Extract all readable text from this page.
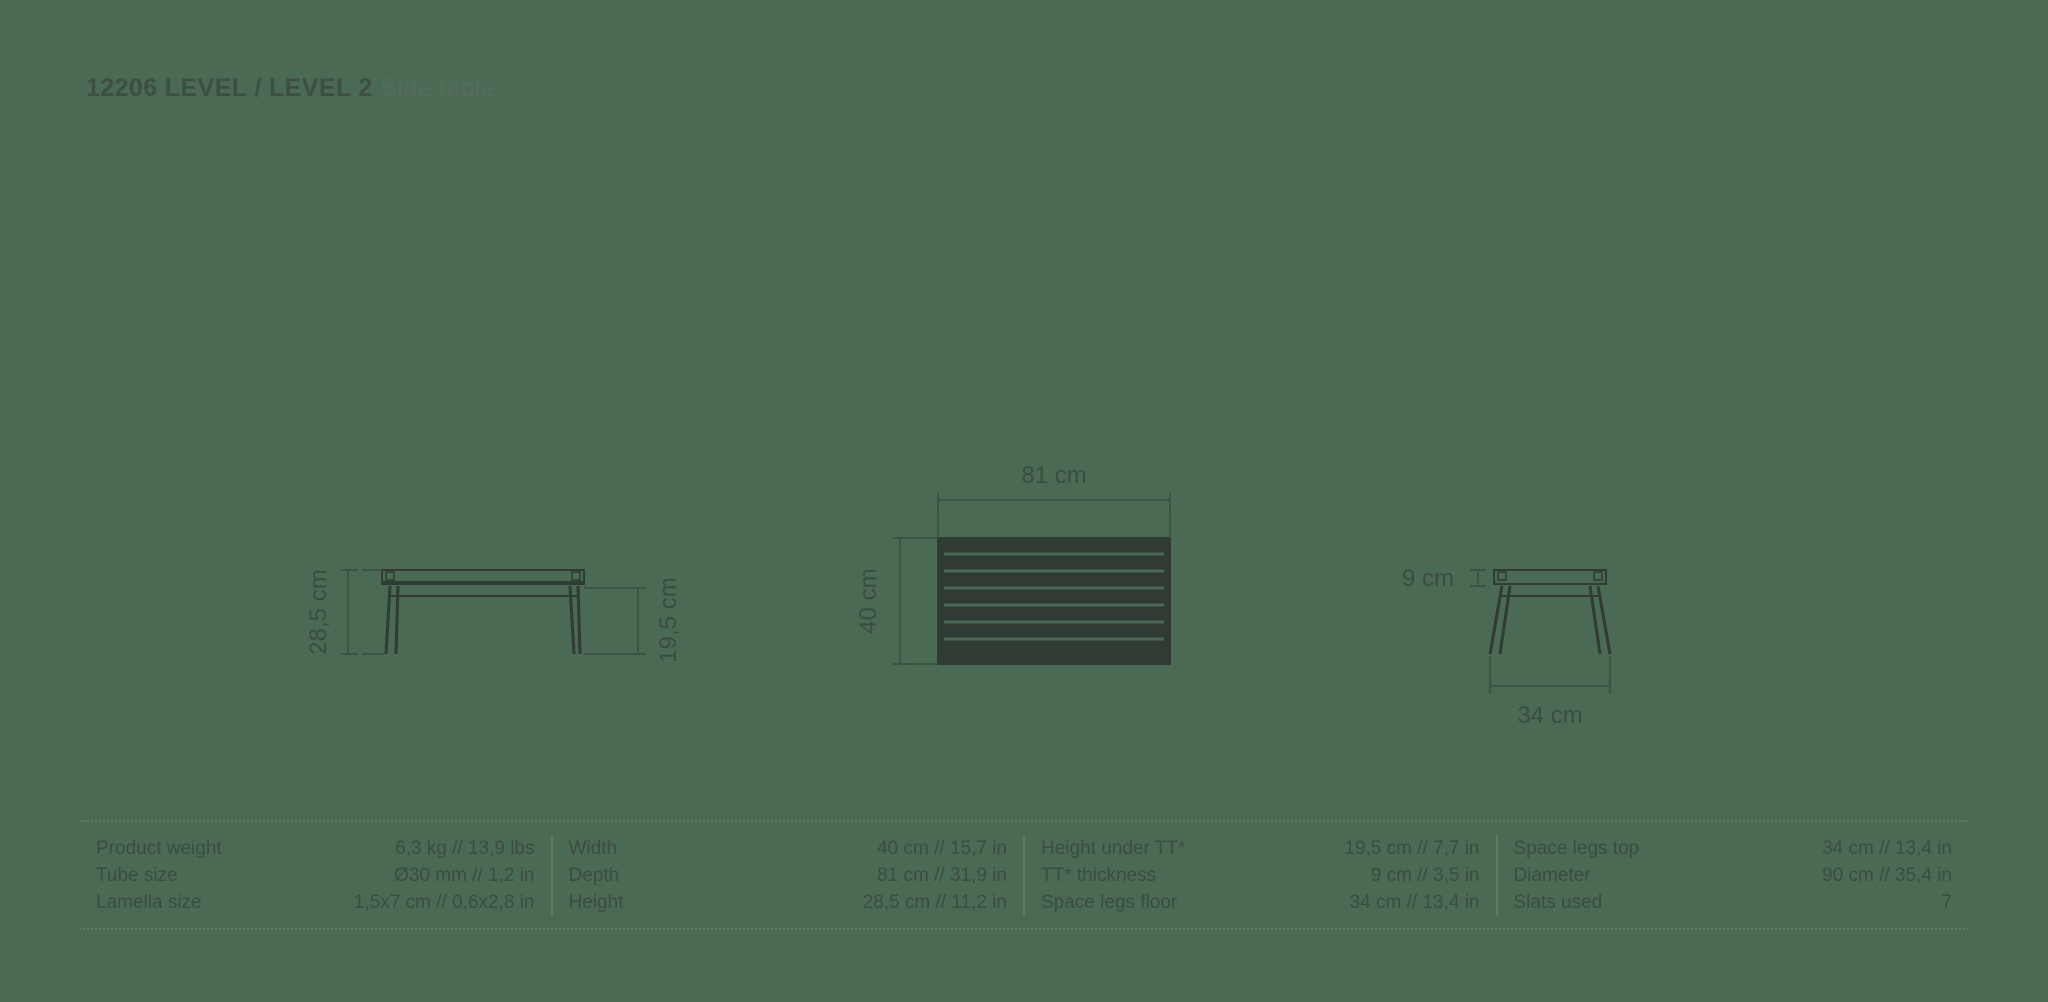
12206 LEVEL / LEVEL 2 Side table
28,5 cm	19,5 cm
81 cm
40 cm	9 cm
34 cm
Product weight	6,3 kg // 13,9 lbs
Tube size	Ø30 mm // 1,2 in
Lamella size	1,5x7 cm // 0,6x2,8 in
Width	40 cm // 15,7 in
Depth	81 cm // 31,9 in
Height	28,5 cm // 11,2 in
Height under TT*	19,5 cm // 7,7 in
TT* thickness	9 cm // 3,5 in
Space legs floor	34 cm // 13,4 in
Space legs top	34 cm // 13,4 in
Diameter	90 cm // 35,4 in
Slats used	7
